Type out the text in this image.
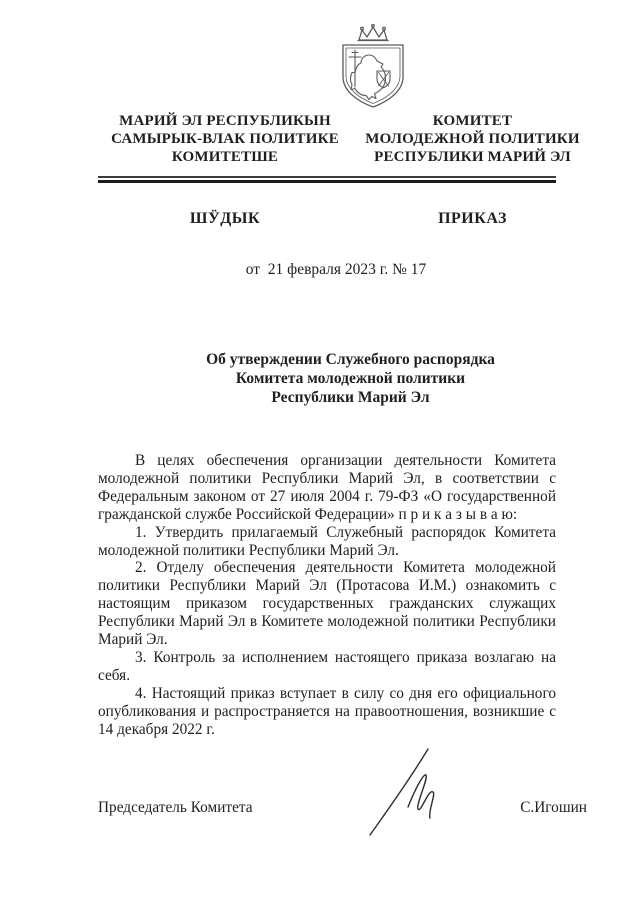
МАРИЙ ЭЛ РЕСПУБЛИКЫН
САМЫРЫК-ВЛАК ПОЛИТИКЕ
КОМИТЕТШЕ
КОМИТЕТ
МОЛОДЕЖНОЙ ПОЛИТИКИ
РЕСПУБЛИКИ МАРИЙ ЭЛ
ШӰДЫК	ПРИКАЗ
от  21 февраля 2023 г. № 17
Об утверждении Служебного распорядка
Комитета молодежной политики
Республики Марий Эл

В целях обеспечения организации деятельности Комитета молодежной политики Республики Марий Эл, в соответствии с Федеральным законом от 27 июля 2004 г. 79-ФЗ «О государственной гражданской службе Российской Федерации» п р и к а з ы в а ю:

1. Утвердить прилагаемый Служебный распорядок Комитета молодежной политики Республики Марий Эл.

2. Отделу обеспечения деятельности Комитета молодежной политики Республики Марий Эл (Протасова И.М.) ознакомить с настоящим приказом государственных гражданских служащих Республики Марий Эл в Комитете молодежной политики Республики Марий Эл.

3. Контроль за исполнением настоящего приказа возлагаю на себя.

4. Настоящий приказ вступает в силу со дня его официального опубликования и распространяется на правоотношения, возникшие с 14 декабря 2022 г.

Председатель Комитета	С.Игошин
